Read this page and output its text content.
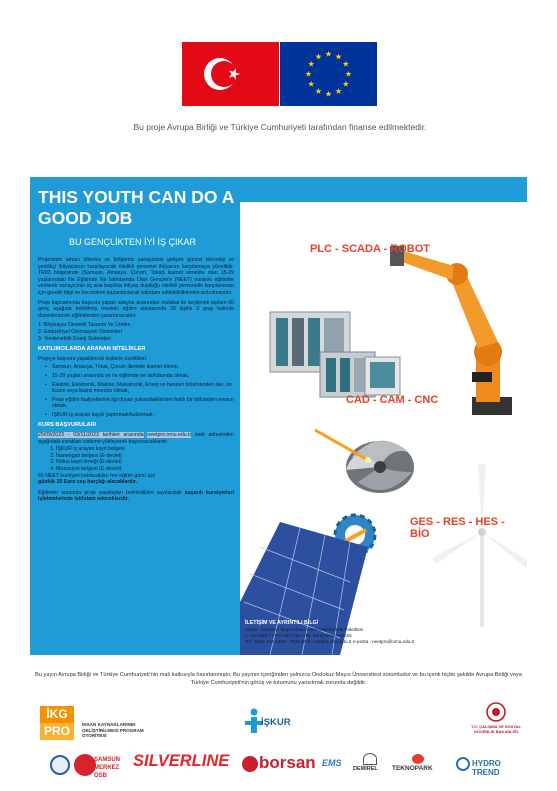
Bu proje Avrupa Birliği ve Türkiye Cumhuriyeti tarafından finanse edilmektedir.
THIS YOUTH CAN DO A GOOD JOB
BU GENÇLİKTEN İYİ İŞ ÇIKAR

Projemizin amacı ülkemiz ve bölgemiz sanayisinin gelişen güncel teknoloji ve yenilikçi ihtiyaçlarını karşılayacak nitelikli personel ihtiyacını karşılamaya yöneliktir. TR83 bölgesinde (Samsun, Amasya, Çorum, Tokat) ikamet etmekte olan 15-29 yaşlarındaki Ne Eğitimde Ne İstihdamda Olan Gençler'e (NEET) mesleki eğitimler verilerek sanayicinin üç ana başlıkta ihtiyaç duyduğu nitelikli personelin karşılanması için gerekli bilgi ve becerilerin kazandırılarak istihdam edilebilirliklerinin arttırılmasıdır.

Proje kapsamında başvuru yapan adaylar arasından mülakat ile seçilecek toplam 60 genç aşağıda belirtilmiş mesleki eğitim alanlarında 20 kişilik 3 grup halinde düzenlenecek eğitimlerden yararlanacaktır.

1- Bilgisayar Destekli Tasarım Ve Üretim
2- Endüstriyel Otomasyon Sistemleri
3- Yenilenebilir Enerji Sistemleri
KATILIMCILARDA ARANAN NİTELİKLER
Projeye başvuru yapabilecek kişilerin özellikleri,
• Samsun, Amasya, Tokat, Çorum illerinde ikamet etmek,
• 15-29 yaşları arasında ve ne eğitimde ne istihdamda olmak,
• Elektrik, Elektronik, Makine, Mekatronik, Enerji ve benzeri bölümlerden lise, ön lisans veya lisans mezunu olmak,
• Proje eğitim faaliyetlerine ilgi duyan yukarıdakilerden farklı bir bölümden mezun olmak,
• İŞKUR iş arayan kaydı yaptırmak/bulunmak.
KURS BAŞVURULARI

25/09/2023 - 03/11/2023 tarihleri arasında neetpro.omu.edu.tr web adresinden aşağıdaki evrakları sisteme yükleyerek başvuracaklardır.

1. İŞKUR iş arayan kayıt belgesi
2. İkametgah belgesi (E-devlet)
3. Nüfus kayıt örneği (E-devlet)
4. Mezuniyet belgesi (E-devlet)
60 NEET kursiyeri katılacakları her eğitim günü için
günlük 10 Euro cep harçlığı alacaklardır.

Eğitimler sonunda proje paydaşları belirledikleri sayılardaki başarılı kursiyerleri işletmelerinde istihdam edeceklerdir.

PLC - SCADA - ROBOT
CAD - CAM - CNC
GES - RES - HES - BİO
İLETİŞİM VE AYRINTILI BİLGİ
Adres : Ondokuz Mayıs Üniversitesi Mühendislik Fakültesi
2. Kat NEET PRO AB Proje Ofisi Kurupelit/SAMSUN
Tel : 0362 312 1919 - 7645 Web: neetpro.omu.edu.tr e-posta : neetpro@omu.edu.tr
Bu yayın Avrupa Birliği ve Türkiye Cumhuriyeti'nin mali katkısıyla hazırlanmıştır. Bu yayının içeriğinden yalnızca Ondokuz Mayıs Üniversitesi sorumludur ve bu içerik hiçbir şekilde Avrupa Birliği veya Türkiye Cumhuriyeti'nin görüş ve tutumunu yansıtmak zorunda değildir.
İKG
PRO	İNSAN KAYNAKLARININ GELİŞTİRİLMESİ PROGRAM OTORİTESİ
İŞKUR	T.C. ÇALIŞMA VE SOSYAL GÜVENLİK BAKANLIĞI
SAMSUN MERKEZ OSB
SILVERLINE borsan EMS
DEMİREL TEKNOPARK
HYDRO TREND
